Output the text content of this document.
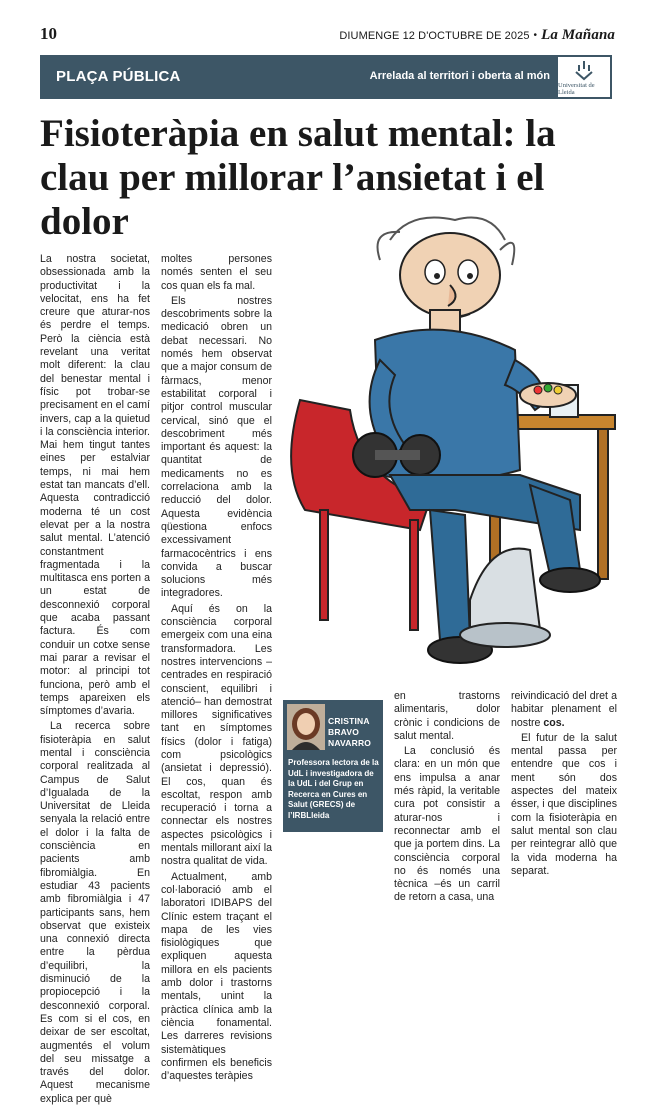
10	DIUMENGE 12 D'OCTUBRE DE 2025 • La Mañana
PLAÇA PÚBLICA	Arrelada al territori i oberta al món
Universitat de Lleida
Fisioteràpia en salut mental: la clau per millorar l’ansietat i el dolor

La nostra societat, obsessionada amb la productivitat i la velocitat, ens ha fet creure que aturar-nos és perdre el temps. Però la ciència està revelant una veritat molt diferent: la clau del benestar mental i físic pot trobar-se precisament en el camí invers, cap a la quietud i la consciència interior. Mai hem tingut tantes eines per estalviar temps, ni mai hem estat tan mancats d’ell. Aquesta contradicció moderna té un cost elevat per a la nostra salut mental. L’atenció constantment fragmentada i la multitasca ens porten a un estat de desconnexió corporal que acaba passant factura. És com conduir un cotxe sense mai parar a revisar el motor: al principi tot funciona, però amb el temps apareixen els símptomes d’avaria.

La recerca sobre fisioteràpia en salut mental i consciència corporal realitzada al Campus de Salut d’Igualada de la Universitat de Lleida senyala la relació entre el dolor i la falta de consciència en pacients amb fibromiàlgia. En estudiar 43 pacients amb fibromiàlgia i 47 participants sans, hem observat que existeix una connexió directa entre la pèrdua d’equilibri, la disminució de la propiocepció i la desconnexió corporal. Es com si el cos, en deixar de ser escoltat, augmentés el volum del seu missatge a través del dolor. Aquest mecanisme explica per què

moltes persones només senten el seu cos quan els fa mal.

Els nostres descobriments sobre la medicació obren un debat necessari. No només hem observat que a major consum de fàrmacs, menor estabilitat corporal i pitjor control muscular cervical, sinó que el descobriment més important és aquest: la quantitat de medicaments no es correlaciona amb la reducció del dolor. Aquesta evidència qüestiona enfocs excessivament farmacocèntrics i ens convida a buscar solucions més integradores.

Aquí és on la consciència corporal emergeix com una eina transformadora. Les nostres intervencions –centrades en respiració conscient, equilibri i atenció– han demostrat millores significatives tant en símptomes físics (dolor i fatiga) com psicològics (ansietat i depressió). El cos, quan és escoltat, respon amb recuperació i torna a connectar els nostres aspectes psicològics i mentals millorant així la nostra qualitat de vida.

Actualment, amb col·laboració amb el laboratori IDIBAPS del Clínic estem traçant el mapa de les vies fisiològiques que expliquen aquesta millora en els pacients amb dolor i trastorns mentals, unint la pràctica clínica amb la ciència fonamental. Les darreres revisions sistemàtiques confirmen els beneficis d’aquestes teràpies

CRISTINA
BRAVO
NAVARRO
Professora lectora de la UdL i investigadora de la UdL i del Grup en Recerca en Cures en Salut (GRECS) de l’IRBLleida

en trastorns alimentaris, dolor crònic i condicions de salut mental.

La conclusió és clara: en un món que ens impulsa a anar més ràpid, la veritable cura pot consistir a aturar-nos i reconnectar amb el que ja portem dins. La consciència corporal no és només una tècnica –és un carril de retorn a casa, una

reivindicació del dret a habitar plenament el nostre cos.

El futur de la salut mental passa per entendre que cos i ment són dos aspectes del mateix ésser, i que disciplines com la fisioteràpia en salut mental son clau per reintegrar allò que la vida moderna ha separat.
